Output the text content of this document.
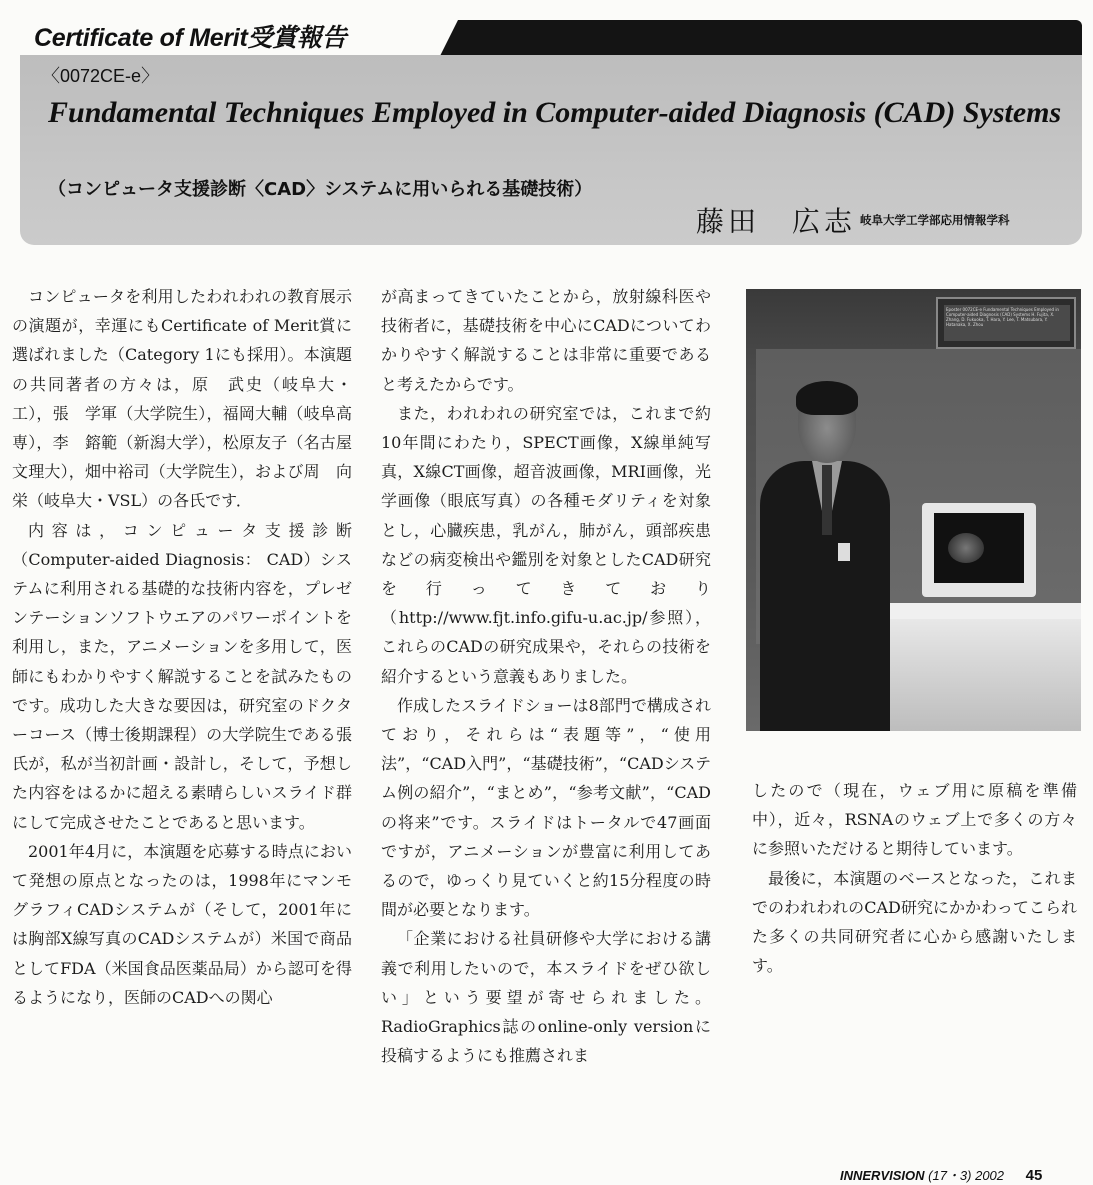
Certificate of Merit受賞報告
〈0072CE-e〉
Fundamental Techniques Employed in Computer-aided Diagnosis (CAD) Systems
（コンピュータ支援診断〈CAD〉システムに用いられる基礎技術）
藤田　広志 岐阜大学工学部応用情報学科

コンピュータを利用したわれわれの教育展示の演題が，幸運にもCertificate of Merit賞に選ばれました（Category 1にも採用）。本演題の共同著者の方々は，原　武史（岐阜大・工），張　学軍（大学院生），福岡大輔（岐阜高専），李　鎔範（新潟大学），松原友子（名古屋文理大），畑中裕司（大学院生），および周　向栄（岐阜大・VSL）の各氏です．

内容は，コンピュータ支援診断（Computer-aided Diagnosis： CAD）システムに利用される基礎的な技術内容を，プレゼンテーションソフトウエアのパワーポイントを利用し，また，アニメーションを多用して，医師にもわかりやすく解説することを試みたものです。成功した大きな要因は，研究室のドクターコース（博士後期課程）の大学院生である張氏が，私が当初計画・設計し，そして，予想した内容をはるかに超える素晴らしいスライド群にして完成させたことであると思います。

2001年4月に，本演題を応募する時点において発想の原点となったのは，1998年にマンモグラフィCADシステムが（そして，2001年には胸部X線写真のCADシステムが）米国で商品としてFDA（米国食品医薬品局）から認可を得るようになり，医師のCADへの関心

が高まってきていたことから，放射線科医や技術者に，基礎技術を中心にCADについてわかりやすく解説することは非常に重要であると考えたからです。

また，われわれの研究室では，これまで約10年間にわたり，SPECT画像，X線単純写真，X線CT画像，超音波画像，MRI画像，光学画像（眼底写真）の各種モダリティを対象とし，心臓疾患，乳がん，肺がん，頭部疾患などの病変検出や鑑別を対象としたCAD研究を行ってきており（http://www.fjt.info.gifu-u.ac.jp/参照），これらのCADの研究成果や，それらの技術を紹介するという意義もありました。

作成したスライドショーは8部門で構成されており，それらは“表題等”，“使用法”，“CAD入門”，“基礎技術”，“CADシステム例の紹介”，“まとめ”，“参考文献”，“CADの将来”です。スライドはトータルで47画面ですが，アニメーションが豊富に利用してあるので，ゆっくり見ていくと約15分程度の時間が必要となります。

「企業における社員研修や大学における講義で利用したいので，本スライドをぜひ欲しい」という要望が寄せられました。RadioGraphics誌のonline-only versionに投稿するようにも推薦されま

Eposter 0072CE-e Fundamental Techniques Employed in Computer-aided Diagnosis (CAD) Systems H. Fujita, X. Zhang, D. Fukuoka, T. Hara, Y. Lee, T. Matsubara, Y. Hatanaka, X. Zhou

したので（現在，ウェブ用に原稿を準備中），近々，RSNAのウェブ上で多くの方々に参照いただけると期待しています。

最後に，本演題のベースとなった，これまでのわれわれのCAD研究にかかわってこられた多くの共同研究者に心から感謝いたします。

INNERVISION (17・3) 2002 45
